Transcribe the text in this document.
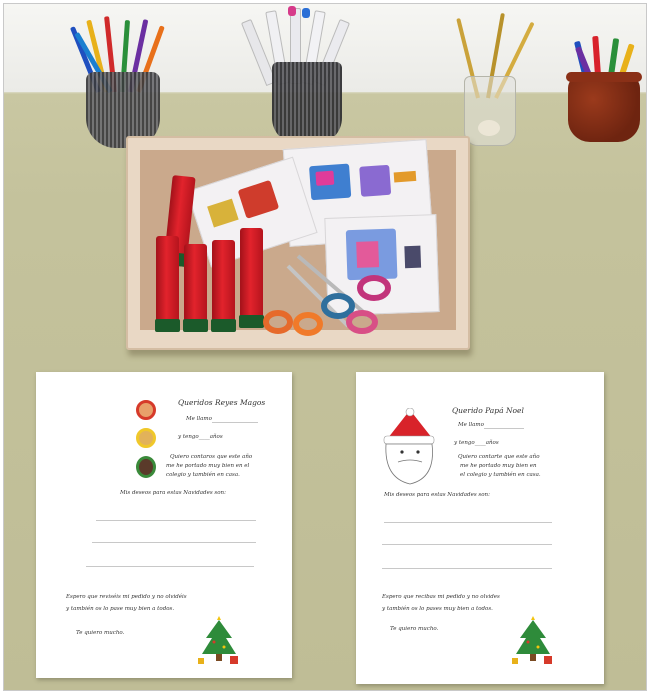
Queridos Reyes Magos
Me llamo
y tengo____años
Quiero contaros que este año
me he portado muy bien en el
colegio y también en casa.
Mis deseos para estas Navidades son:
Espero que reviséis mi pedido y no olvidéis
y también os lo pase muy bien a todos.
Te quiero mucho.
Querido Papá Noel
Me llamo
y tengo____años
Quiero contarte que este año
me he portado muy bien en
el colegio y también en casa.
Mis deseos para estas Navidades son:
Espero que recibas mi pedido y no olvides
y también os lo pases muy bien a todos.
Te quiero mucho.
